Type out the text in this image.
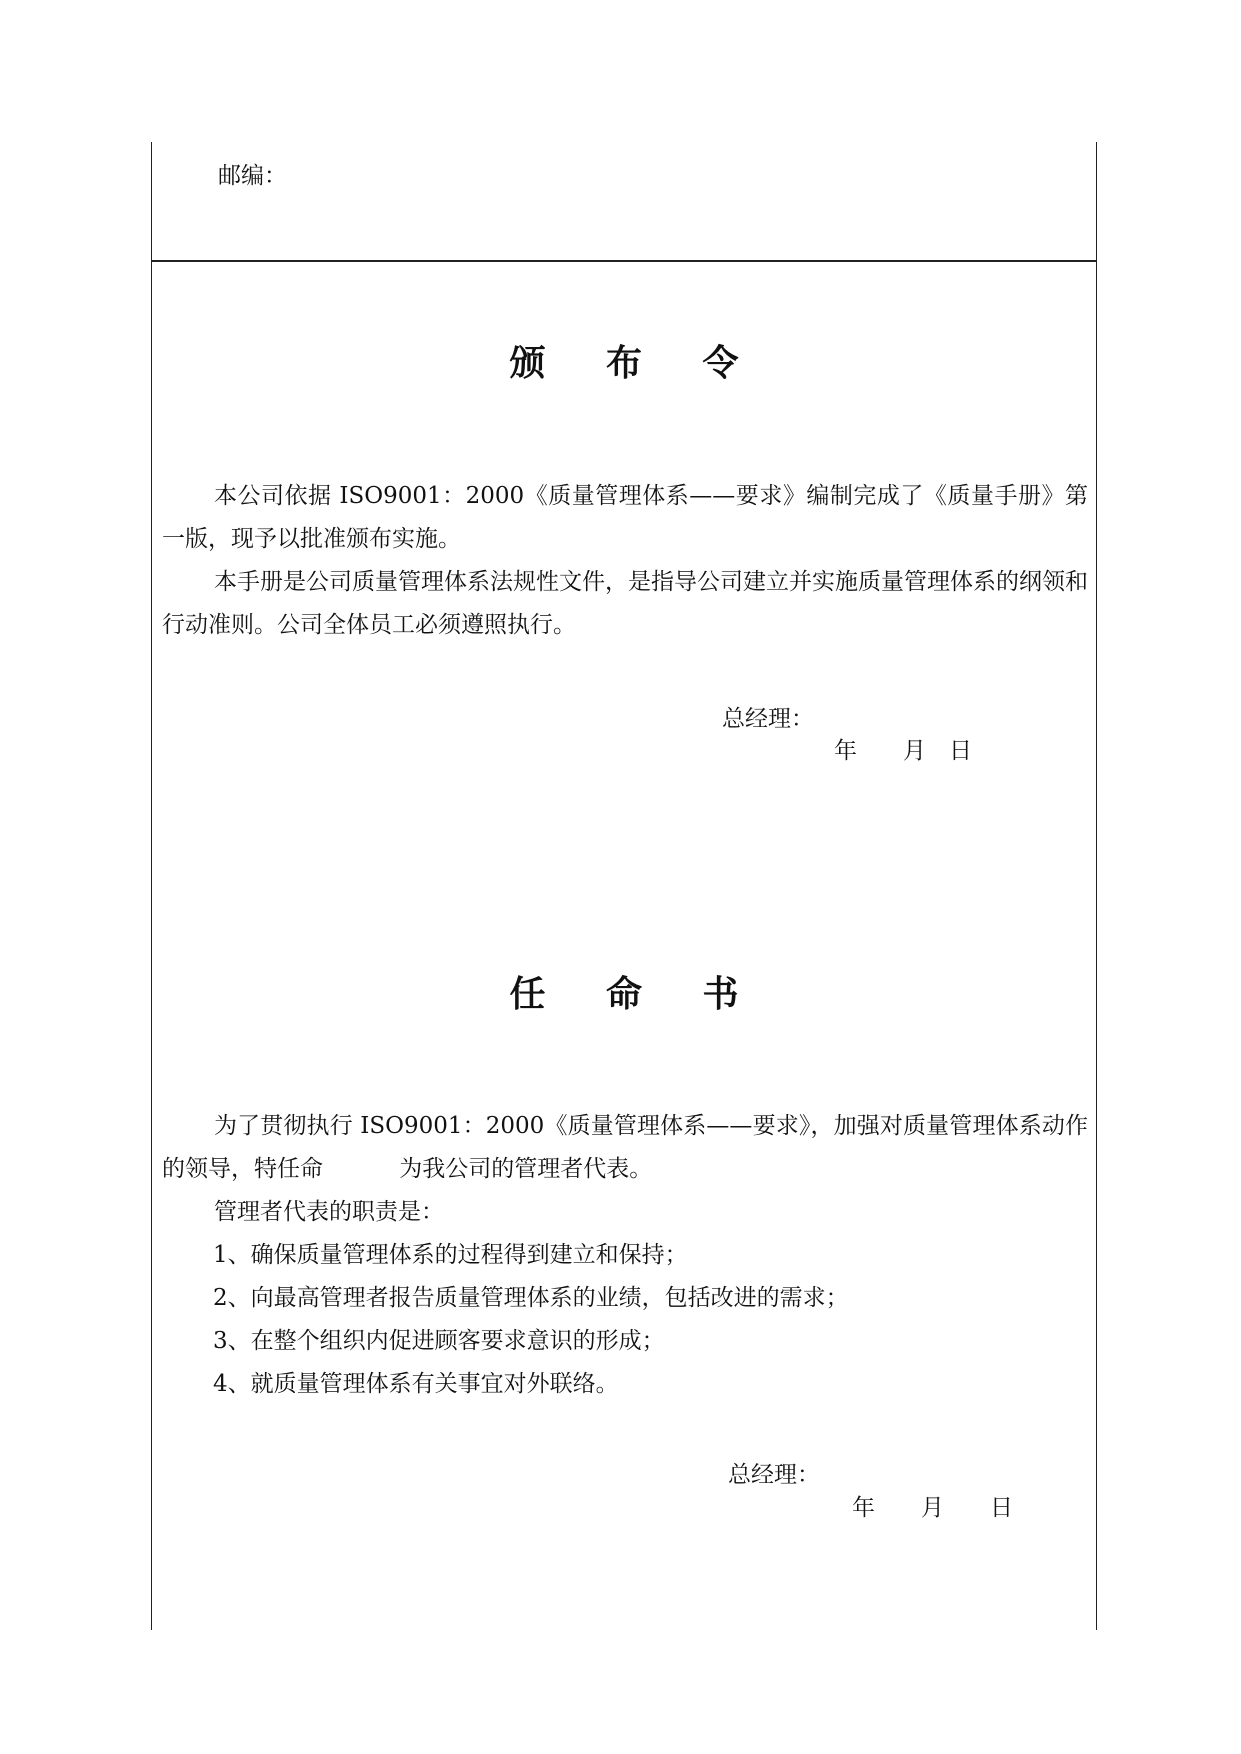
邮编：
颁 布 令

本公司依据 ISO9001：2000《质量管理体系——要求》编制完成了《质量手册》第一版，现予以批准颁布实施。

本手册是公司质量管理体系法规性文件，是指导公司建立并实施质量管理体系的纲领和行动准则。公司全体员工必须遵照执行。

总经理：
年　　月　日
任 命 书

为了贯彻执行 ISO9001：2000《质量管理体系——要求》，加强对质量管理体系动作的领导，特任命　　　 为我公司的管理者代表。

管理者代表的职责是：

1、确保质量管理体系的过程得到建立和保持；
2、向最高管理者报告质量管理体系的业绩，包括改进的需求；
3、在整个组织内促进顾客要求意识的形成；
4、就质量管理体系有关事宜对外联络。
总经理：
年　　月　　日
